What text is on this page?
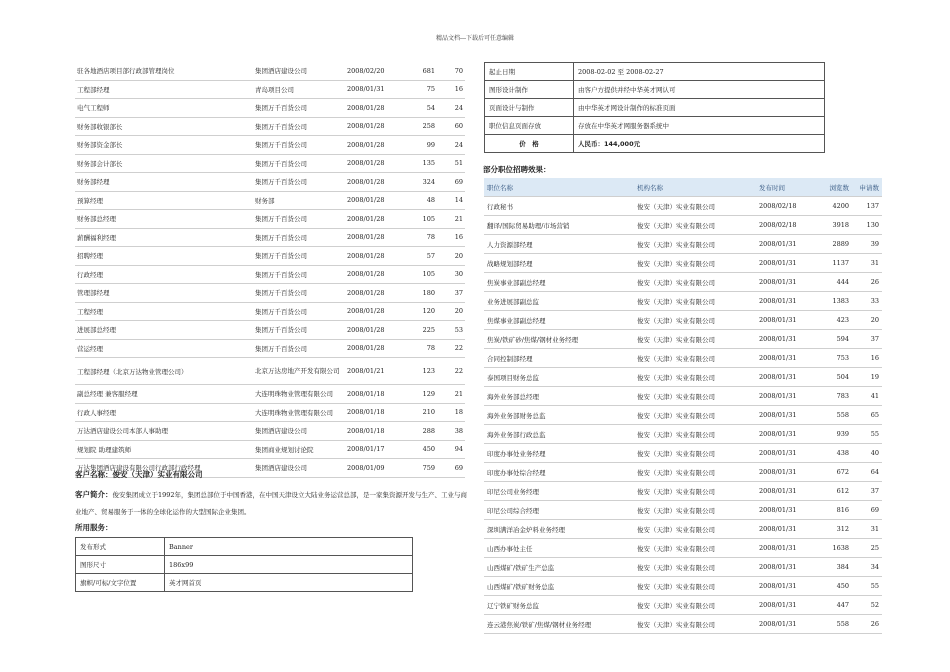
精品文档---下载后可任意编辑
驻各地酒店项目部行政部管理岗位	集团酒店建设公司	2008/02/20	681	70
工程部经理	青岛项目公司	2008/01/31	75	16
电气工程师	集团万千百货公司	2008/01/28	54	24
财务部收银部长	集团万千百货公司	2008/01/28	258	60
财务部资金部长	集团万千百货公司	2008/01/28	99	24
财务部会计部长	集团万千百货公司	2008/01/28	135	51
财务部经理	集团万千百货公司	2008/01/28	324	69
预算经理	财务部	2008/01/28	48	14
财务部总经理	集团万千百货公司	2008/01/28	105	21
薪酬福利经理	集团万千百货公司	2008/01/28	78	16
招聘经理	集团万千百货公司	2008/01/28	57	20
行政经理	集团万千百货公司	2008/01/28	105	30
管理部经理	集团万千百货公司	2008/01/28	180	37
工程经理	集团万千百货公司	2008/01/28	120	20
进展部总经理	集团万千百货公司	2008/01/28	225	53
营运经理	集团万千百货公司	2008/01/28	78	22
工程部经理（北京万达物业管理公司）	北京万达房地产开发有限公司	2008/01/21	123	22
副总经理 兼客服经理	大连明珠物业管理有限公司	2008/01/18	129	21
行政人事经理	大连明珠物业管理有限公司	2008/01/18	210	18
万达酒店建设公司本部人事助理	集团酒店建设公司	2008/01/18	288	38
规划院 助理建筑师	集团商业规划讨论院	2008/01/17	450	94
万达集团酒店建设有限公司行政部行政经理	集团酒店建设公司	2008/01/09	759	69
客户名称：俊安（天津）实业有限公司
客户简介：俊安集团成立于1992年，集团总部位于中国香港，在中国天津设立大陆业务运营总部，是一家集资源开发与生产、工业与商业地产、贸易服务于一体的全球化运作的大型国际企业集团。
所用服务：
发布形式	Banner
图形尺寸	186x99
旗帜/可标/文字位置	英才网首页
起止日期	2008-02-02 至 2008-02-27
图形设计制作	由客户方提供并经中华英才网认可
页面设计与制作	由中华英才网设计制作的标准页面
职位信息页面存放	存放在中华英才网服务器系统中
价　格	人民币：144,000元
部分职位招聘效果：
职位名称	机构名称	发布时间	浏览数	申请数
行政秘书	俊安（天津）实业有限公司	2008/02/18	4200	137
翻译/国际贸易助理/市场营销	俊安（天津）实业有限公司	2008/02/18	3918	130
人力资源部经理	俊安（天津）实业有限公司	2008/01/31	2889	39
战略规划部经理	俊安（天津）实业有限公司	2008/01/31	1137	31
焦炭事业部副总经理	俊安（天津）实业有限公司	2008/01/31	444	26
业务进展部副总监	俊安（天津）实业有限公司	2008/01/31	1383	33
焦煤事业部副总经理	俊安（天津）实业有限公司	2008/01/31	423	20
焦炭/铁矿砂/焦煤/钢材业务经理	俊安（天津）实业有限公司	2008/01/31	594	37
合同控制部经理	俊安（天津）实业有限公司	2008/01/31	753	16
泰国项目财务总监	俊安（天津）实业有限公司	2008/01/31	504	19
海外业务部总经理	俊安（天津）实业有限公司	2008/01/31	783	41
海外业务部财务总监	俊安（天津）实业有限公司	2008/01/31	558	65
海外业务部行政总监	俊安（天津）实业有限公司	2008/01/31	939	55
印度办事处业务经理	俊安（天津）实业有限公司	2008/01/31	438	40
印度办事处综合经理	俊安（天津）实业有限公司	2008/01/31	672	64
印尼公司业务经理	俊安（天津）实业有限公司	2008/01/31	612	37
印尼公司综合经理	俊安（天津）实业有限公司	2008/01/31	816	69
深圳满洋冶金炉料业务经理	俊安（天津）实业有限公司	2008/01/31	312	31
山西办事处主任	俊安（天津）实业有限公司	2008/01/31	1638	25
山西煤矿/铁矿生产总监	俊安（天津）实业有限公司	2008/01/31	384	34
山西煤矿/铁矿财务总监	俊安（天津）实业有限公司	2008/01/31	450	55
辽宁铁矿财务总监	俊安（天津）实业有限公司	2008/01/31	447	52
连云港焦炭/铁矿/焦煤/钢材业务经理	俊安（天津）实业有限公司	2008/01/31	558	26
